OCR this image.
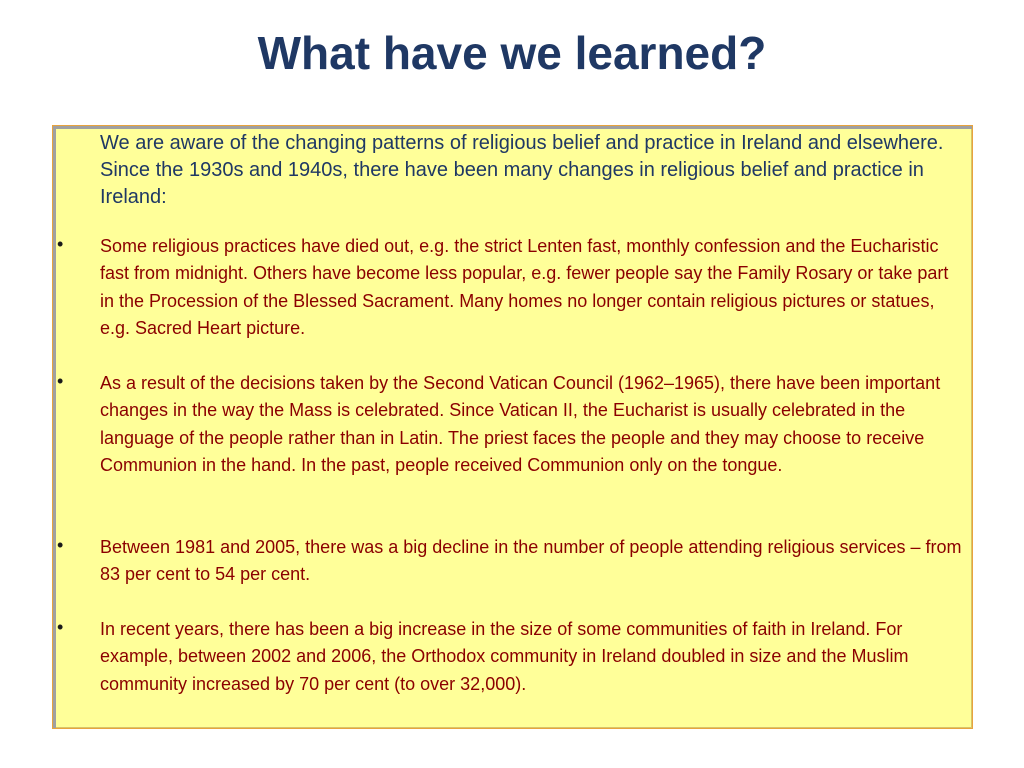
What have we learned?
We are aware of the changing patterns of religious belief and practice in Ireland and elsewhere. Since the 1930s and 1940s, there have been many changes in religious belief and practice in Ireland:
•	Some religious practices have died out, e.g. the strict Lenten fast, monthly confession and the Eucharistic fast from midnight. Others have become less popular, e.g. fewer people say the Family Rosary or take part in the Procession of the Blessed Sacrament. Many homes no longer contain religious pictures or statues, e.g. Sacred Heart picture.
•	As a result of the decisions taken by the Second Vatican Council (1962–1965), there have been important changes in the way the Mass is celebrated. Since Vatican II, the Eucharist is usually celebrated in the language of the people rather than in Latin. The priest faces the people and they may choose to receive Communion in the hand. In the past, people received Communion only on the tongue.
•	Between 1981 and 2005, there was a big decline in the number of people attending religious services – from 83 per cent to 54 per cent.
•	In recent years, there has been a big increase in the size of some communities of faith in Ireland. For example, between 2002 and 2006, the Orthodox community in Ireland doubled in size and the Muslim community increased by 70 per cent (to over 32,000).
